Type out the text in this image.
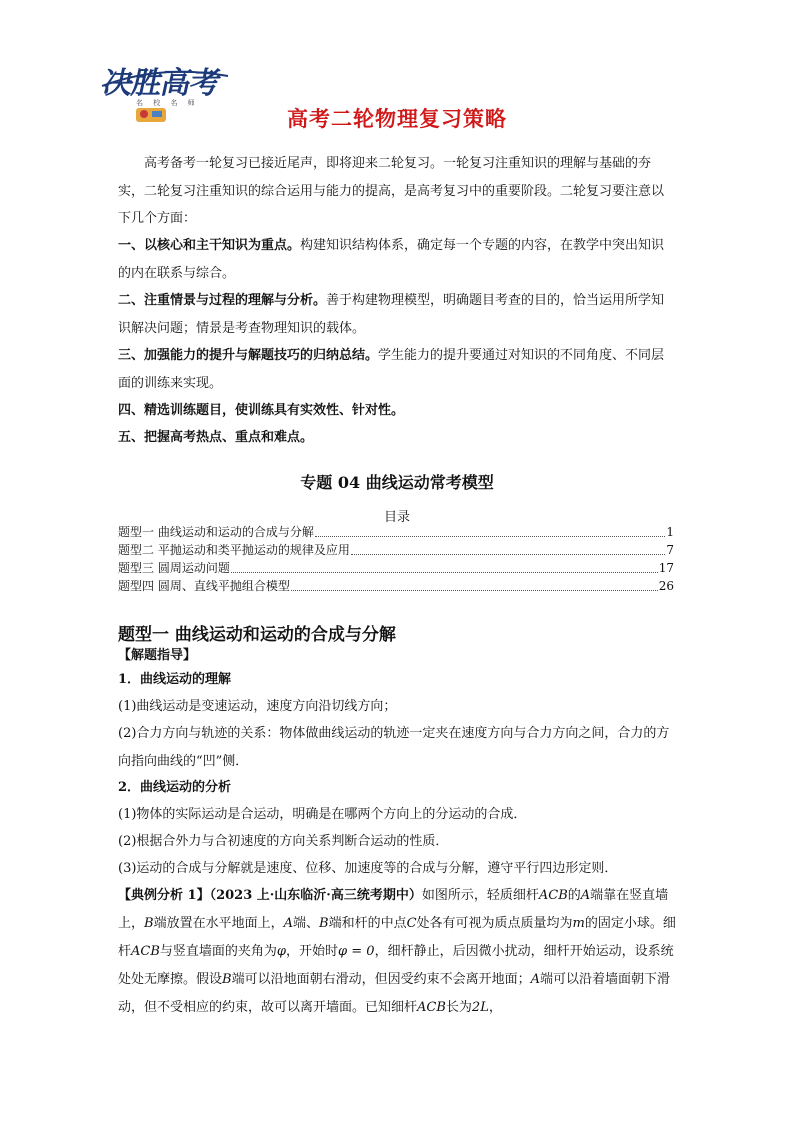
决胜高考
名 校 名 师
高考二轮物理复习策略
高考备考一轮复习已接近尾声，即将迎来二轮复习。一轮复习注重知识的理解与基础的夯实，二轮复习注重知识的综合运用与能力的提高，是高考复习中的重要阶段。二轮复习要注意以下几个方面：
一、以核心和主干知识为重点。构建知识结构体系，确定每一个专题的内容，在教学中突出知识的内在联系与综合。
二、注重情景与过程的理解与分析。善于构建物理模型，明确题目考查的目的，恰当运用所学知识解决问题；情景是考查物理知识的载体。
三、加强能力的提升与解题技巧的归纳总结。学生能力的提升要通过对知识的不同角度、不同层面的训练来实现。
四、精选训练题目，使训练具有实效性、针对性。
五、把握高考热点、重点和难点。
专题 04 曲线运动常考模型
目录
题型一 曲线运动和运动的合成与分解	1
题型二 平抛运动和类平抛运动的规律及应用	7
题型三 圆周运动问题	17
题型四 圆周、直线平抛组合模型	26
题型一 曲线运动和运动的合成与分解
【解题指导】
1．曲线运动的理解
(1)曲线运动是变速运动，速度方向沿切线方向；
(2)合力方向与轨迹的关系：物体做曲线运动的轨迹一定夹在速度方向与合力方向之间，合力的方向指向曲线的“凹”侧．
2．曲线运动的分析
(1)物体的实际运动是合运动，明确是在哪两个方向上的分运动的合成．
(2)根据合外力与合初速度的方向关系判断合运动的性质．
(3)运动的合成与分解就是速度、位移、加速度等的合成与分解，遵守平行四边形定则．
【典例分析 1】（2023 上·山东临沂·高三统考期中）如图所示，轻质细杆ACB的A端靠在竖直墙上，B端放置在水平地面上，A端、B端和杆的中点C处各有可视为质点质量均为m的固定小球。细杆ACB与竖直墙面的夹角为φ，开始时φ = 0，细杆静止，后因微小扰动，细杆开始运动，设系统处处无摩擦。假设B端可以沿地面朝右滑动，但因受约束不会离开地面；A端可以沿着墙面朝下滑动，但不受相应的约束，故可以离开墙面。已知细杆ACB长为2L，
